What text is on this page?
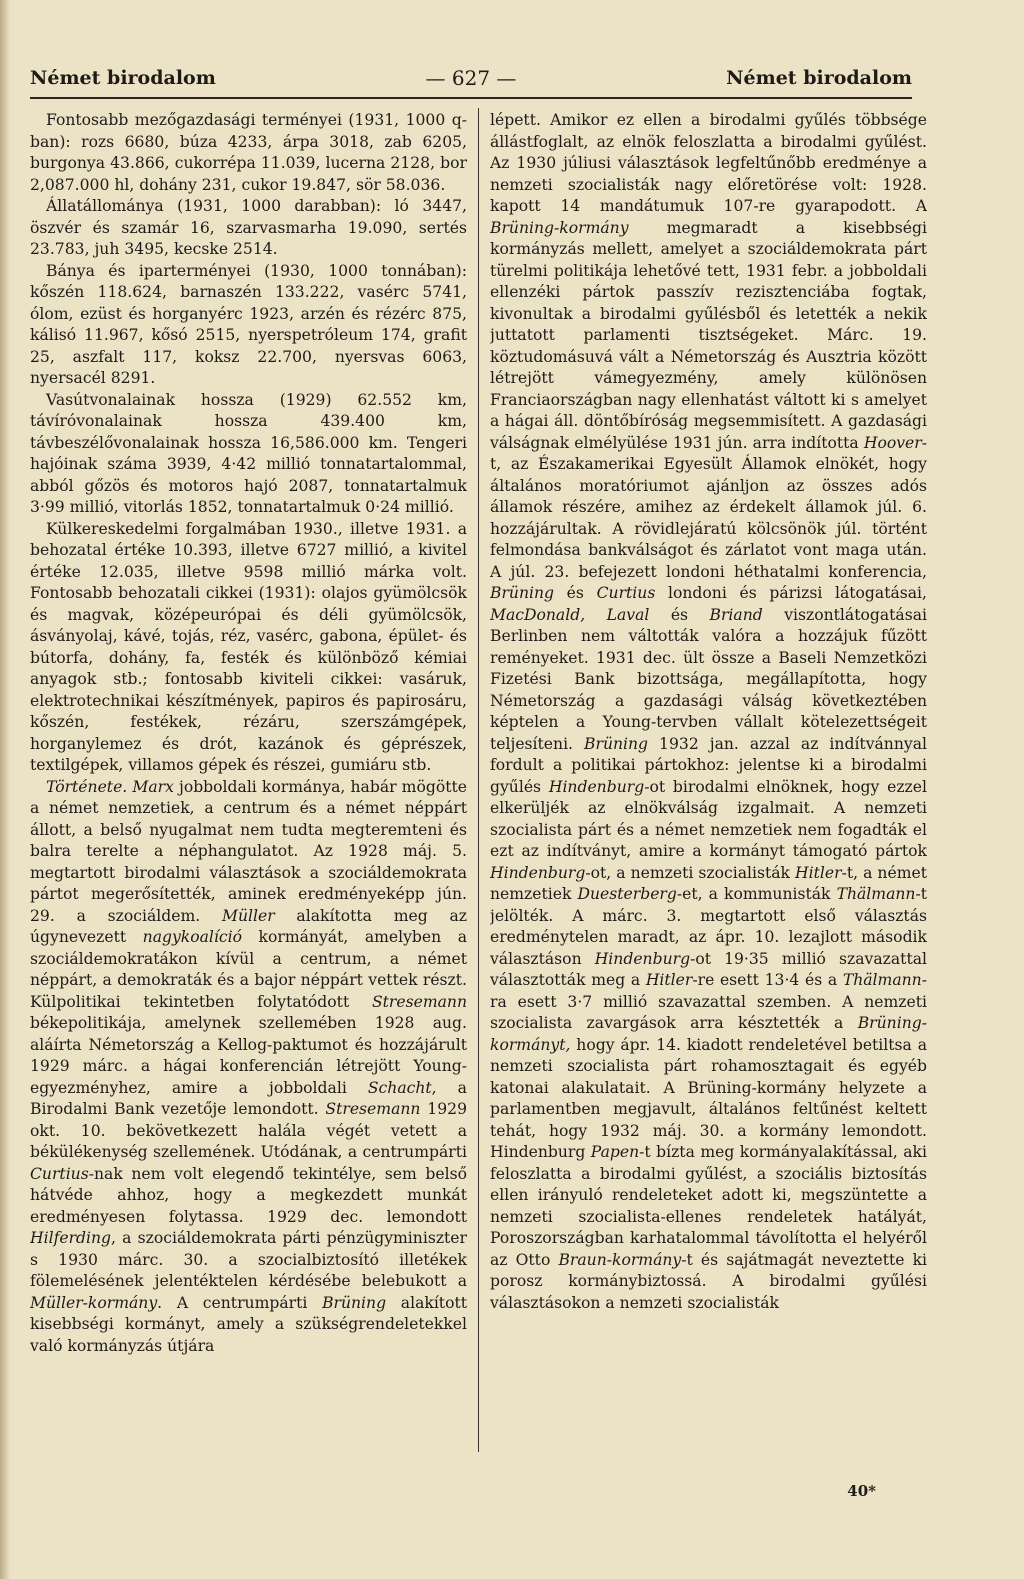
Német birodalom	— 627 —	Német birodalom

Fontosabb mezőgazdasági terményei (1931, 1000 q-ban): rozs 6680, búza 4233, árpa 3018, zab 6205, burgonya 43.866, cukorrépa 11.039, lucerna 2128, bor 2,087.000 hl, dohány 231, cukor 19.847, sör 58.036.

Állatállománya (1931, 1000 darabban): ló 3447, öszvér és szamár 16, szarvasmarha 19.090, sertés 23.783, juh 3495, kecske 2514.

Bánya és iparterményei (1930, 1000 tonnában): kőszén 118.624, barnaszén 133.222, vasérc 5741, ólom, ezüst és horganyérc 1923, arzén és rézérc 875, kálisó 11.967, kősó 2515, nyerspetróleum 174, grafit 25, aszfalt 117, koksz 22.700, nyersvas 6063, nyersacél 8291.

Vasútvonalainak hossza (1929) 62.552 km, távíróvonalainak hossza 439.400 km, távbeszélővonalainak hossza 16,586.000 km. Tengeri hajóinak száma 3939, 4·42 millió tonnatartalommal, abból gőzös és motoros hajó 2087, tonnatartalmuk 3·99 millió, vitorlás 1852, tonnatartalmuk 0·24 millió.

Külkereskedelmi forgalmában 1930., illetve 1931. a behozatal értéke 10.393, illetve 6727 millió, a kivitel értéke 12.035, illetve 9598 millió márka volt. Fontosabb behozatali cikkei (1931): olajos gyümölcsök és magvak, középeurópai és déli gyümölcsök, ásványolaj, kávé, tojás, réz, vasérc, gabona, épület- és bútorfa, dohány, fa, festék és különböző kémiai anyagok stb.; fontosabb kiviteli cikkei: vasáruk, elektrotechnikai készítmények, papiros és papirosáru, kőszén, festékek, rézáru, szerszámgépek, horganylemez és drót, kazánok és géprészek, textilgépek, villamos gépek és részei, gumiáru stb.

Története. Marx jobboldali kormánya, habár mögötte a német nemzetiek, a centrum és a német néppárt állott, a belső nyugalmat nem tudta megteremteni és balra terelte a néphangulatot. Az 1928 máj. 5. megtartott birodalmi választások a szociáldemokrata pártot megerősítették, aminek eredményeképp jún. 29. a szociáldem. Müller alakította meg az úgynevezett nagykoalíció kormányát, amelyben a szociáldemokratákon kívül a centrum, a német néppárt, a demokraták és a bajor néppárt vettek részt. Külpolitikai tekintetben folytatódott Stresemann békepolitikája, amelynek szellemében 1928 aug. aláírta Németország a Kellog-paktumot és hozzájárult 1929 márc. a hágai konferencián létrejött Young-egyezményhez, amire a jobboldali Schacht, a Birodalmi Bank vezetője lemondott. Stresemann 1929 okt. 10. bekövetkezett halála végét vetett a békülékenység szellemének. Utódának, a centrumpárti Curtius-nak nem volt elegendő tekintélye, sem belső hátvéde ahhoz, hogy a megkezdett munkát eredményesen folytassa. 1929 dec. lemondott Hilferding, a szociáldemokrata párti pénzügyminiszter s 1930 márc. 30. a szocialbiztosító illetékek fölemelésének jelentéktelen kérdésébe belebukott a Müller-kormány. A centrumpárti Brüning alakított kisebbségi kormányt, amely a szükségrendeletekkel való kormányzás útjára

lépett. Amikor ez ellen a birodalmi gyűlés többsége állástfoglalt, az elnök feloszlatta a birodalmi gyűlést. Az 1930 júliusi választások legfeltűnőbb eredménye a nemzeti szocialisták nagy előretörése volt: 1928. kapott 14 mandátumuk 107-re gyarapodott. A Brüning-kormány megmaradt a kisebbségi kormányzás mellett, amelyet a szociáldemokrata párt türelmi politikája lehetővé tett, 1931 febr. a jobboldali ellenzéki pártok passzív rezisztenciába fogtak, kivonultak a birodalmi gyűlésből és letették a nekik juttatott parlamenti tisztségeket. Márc. 19. köztudomásuvá vált a Németország és Ausztria között létrejött vámegyezmény, amely különösen Franciaországban nagy ellenhatást váltott ki s amelyet a hágai áll. döntőbíróság megsemmisített. A gazdasági válságnak elmélyülése 1931 jún. arra indította Hoover-t, az Északamerikai Egyesült Államok elnökét, hogy általános moratóriumot ajánljon az összes adós államok részére, amihez az érdekelt államok júl. 6. hozzájárultak. A rövidlejáratú kölcsönök júl. történt felmondása bankválságot és zárlatot vont maga után. A júl. 23. befejezett londoni héthatalmi konferencia, Brüning és Curtius londoni és párizsi látogatásai, MacDonald, Laval és Briand viszontlátogatásai Berlinben nem váltották valóra a hozzájuk fűzött reményeket. 1931 dec. ült össze a Baseli Nemzetközi Fizetési Bank bizottsága, megállapította, hogy Németország a gazdasági válság következtében képtelen a Young-tervben vállalt kötelezettségeit teljesíteni. Brüning 1932 jan. azzal az indítvánnyal fordult a politikai pártokhoz: jelentse ki a birodalmi gyűlés Hindenburg-ot birodalmi elnöknek, hogy ezzel elkerüljék az elnökválság izgalmait. A nemzeti szocialista párt és a német nemzetiek nem fogadták el ezt az indítványt, amire a kormányt támogató pártok Hindenburg-ot, a nemzeti szocialisták Hitler-t, a német nemzetiek Duesterberg-et, a kommunisták Thälmann-t jelölték. A márc. 3. megtartott első választás eredménytelen maradt, az ápr. 10. lezajlott második választáson Hindenburg-ot 19·35 millió szavazattal választották meg a Hitler-re esett 13·4 és a Thälmann-ra esett 3·7 millió szavazattal szemben. A nemzeti szocialista zavargások arra késztették a Brüning-kormányt, hogy ápr. 14. kiadott rendeletével betiltsa a nemzeti szocialista párt rohamosztagait és egyéb katonai alakulatait. A Brüning-kormány helyzete a parlamentben megjavult, általános feltűnést keltett tehát, hogy 1932 máj. 30. a kormány lemondott. Hindenburg Papen-t bízta meg kormányalakítással, aki feloszlatta a birodalmi gyűlést, a szociális biztosítás ellen irányuló rendeleteket adott ki, megszüntette a nemzeti szocialista-ellenes rendeletek hatályát, Poroszországban karhatalommal távolította el helyéről az Otto Braun-kormány-t és sajátmagát neveztette ki porosz kormánybiztossá. A birodalmi gyűlési választásokon a nemzeti szocialisták

40*
